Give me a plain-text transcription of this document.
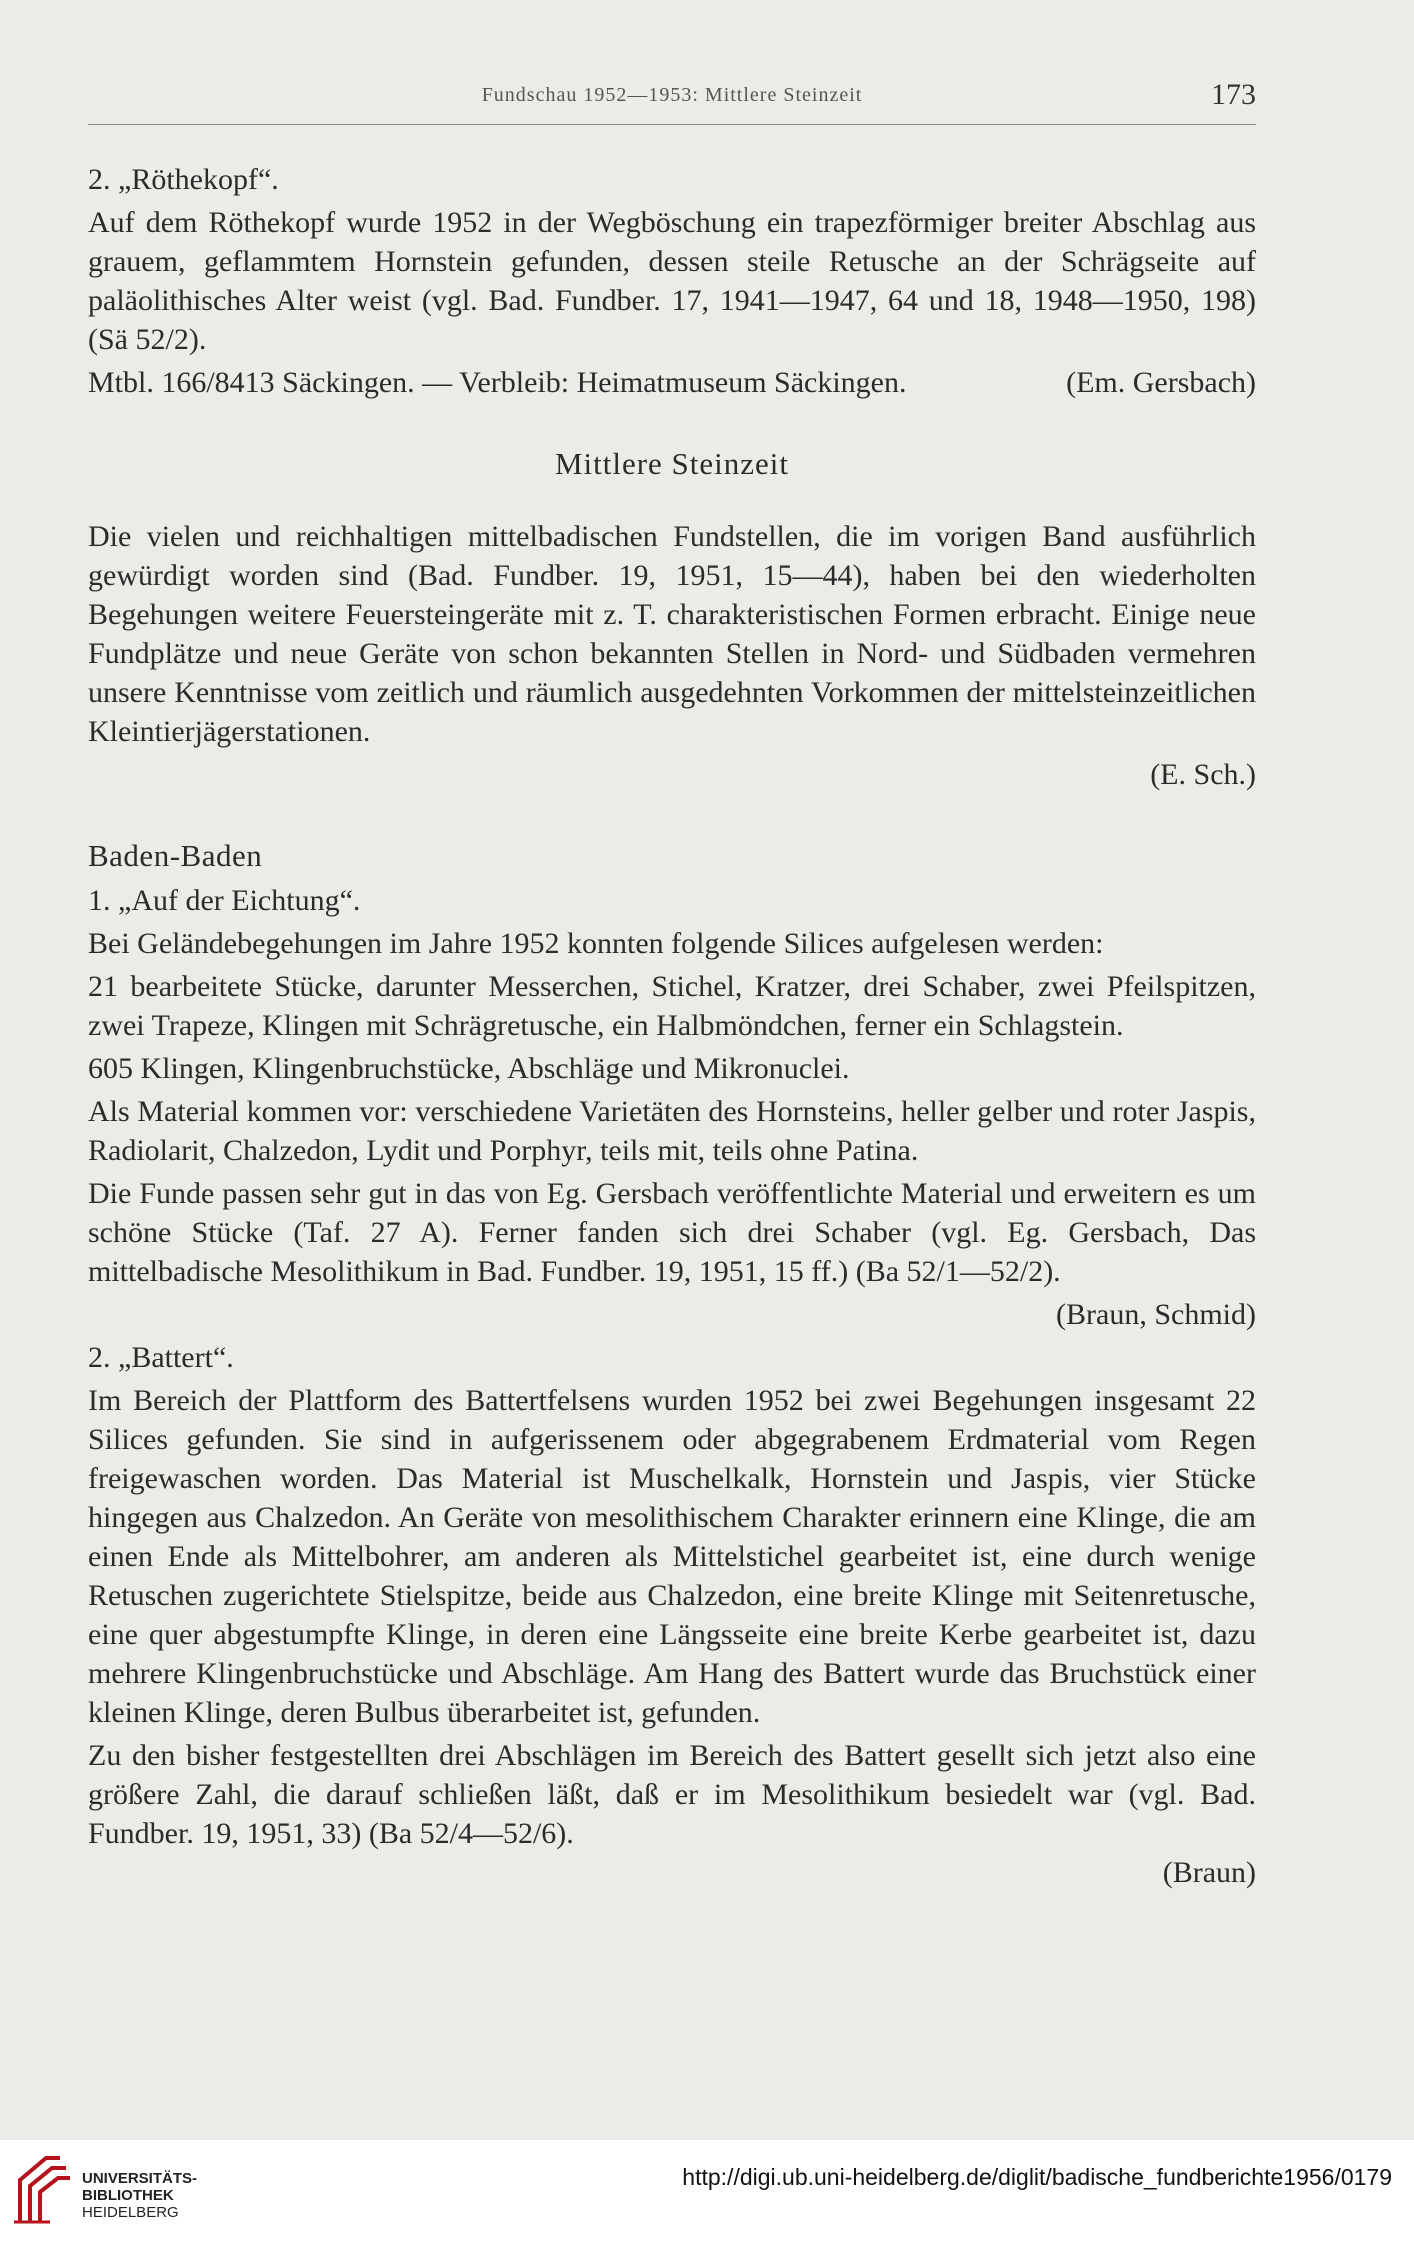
Fundschau 1952—1953: Mittlere Steinzeit	173
2. „Röthekopf“.

Auf dem Röthekopf wurde 1952 in der Wegböschung ein trapezförmiger breiter Abschlag aus grauem, geflammtem Hornstein gefunden, dessen steile Retusche an der Schrägseite auf paläolithisches Alter weist (vgl. Bad. Fundber. 17, 1941—1947, 64 und 18, 1948—1950, 198) (Sä 52/2).

Mtbl. 166/8413 Säckingen. — Verbleib: Heimatmuseum Säckingen.	(Em. Gersbach)
Mittlere Steinzeit

Die vielen und reichhaltigen mittelbadischen Fundstellen, die im vorigen Band ausführlich gewürdigt worden sind (Bad. Fundber. 19, 1951, 15—44), haben bei den wiederholten Begehungen weitere Feuersteingeräte mit z. T. charakteristischen Formen erbracht. Einige neue Fundplätze und neue Geräte von schon bekannten Stellen in Nord- und Südbaden vermehren unsere Kenntnisse vom zeitlich und räumlich ausgedehnten Vorkommen der mittelsteinzeitlichen Kleintierjägerstationen.

(E. Sch.)
Baden-Baden
1. „Auf der Eichtung“.

Bei Geländebegehungen im Jahre 1952 konnten folgende Silices aufgelesen werden:

21 bearbeitete Stücke, darunter Messerchen, Stichel, Kratzer, drei Schaber, zwei Pfeilspitzen, zwei Trapeze, Klingen mit Schrägretusche, ein Halbmöndchen, ferner ein Schlagstein.

605 Klingen, Klingenbruchstücke, Abschläge und Mikronuclei.

Als Material kommen vor: verschiedene Varietäten des Hornsteins, heller gelber und roter Jaspis, Radiolarit, Chalzedon, Lydit und Porphyr, teils mit, teils ohne Patina.

Die Funde passen sehr gut in das von Eg. Gersbach veröffentlichte Material und erweitern es um schöne Stücke (Taf. 27 A). Ferner fanden sich drei Schaber (vgl. Eg. Gersbach, Das mittelbadische Mesolithikum in Bad. Fundber. 19, 1951, 15 ff.) (Ba 52/1—52/2).

(Braun, Schmid)
2. „Battert“.

Im Bereich der Plattform des Battertfelsens wurden 1952 bei zwei Begehungen insgesamt 22 Silices gefunden. Sie sind in aufgerissenem oder abgegrabenem Erdmaterial vom Regen freigewaschen worden. Das Material ist Muschelkalk, Hornstein und Jaspis, vier Stücke hingegen aus Chalzedon. An Geräte von mesolithischem Charakter erinnern eine Klinge, die am einen Ende als Mittelbohrer, am anderen als Mittelstichel gearbeitet ist, eine durch wenige Retuschen zugerichtete Stielspitze, beide aus Chalzedon, eine breite Klinge mit Seitenretusche, eine quer abgestumpfte Klinge, in deren eine Längsseite eine breite Kerbe gearbeitet ist, dazu mehrere Klingenbruchstücke und Abschläge. Am Hang des Battert wurde das Bruchstück einer kleinen Klinge, deren Bulbus überarbeitet ist, gefunden.

Zu den bisher festgestellten drei Abschlägen im Bereich des Battert gesellt sich jetzt also eine größere Zahl, die darauf schließen läßt, daß er im Mesolithikum besiedelt war (vgl. Bad. Fundber. 19, 1951, 33) (Ba 52/4—52/6).

(Braun)
UNIVERSITÄTS-
BIBLIOTHEK
HEIDELBERG
http://digi.ub.uni-heidelberg.de/diglit/badische_fundberichte1956/0179
